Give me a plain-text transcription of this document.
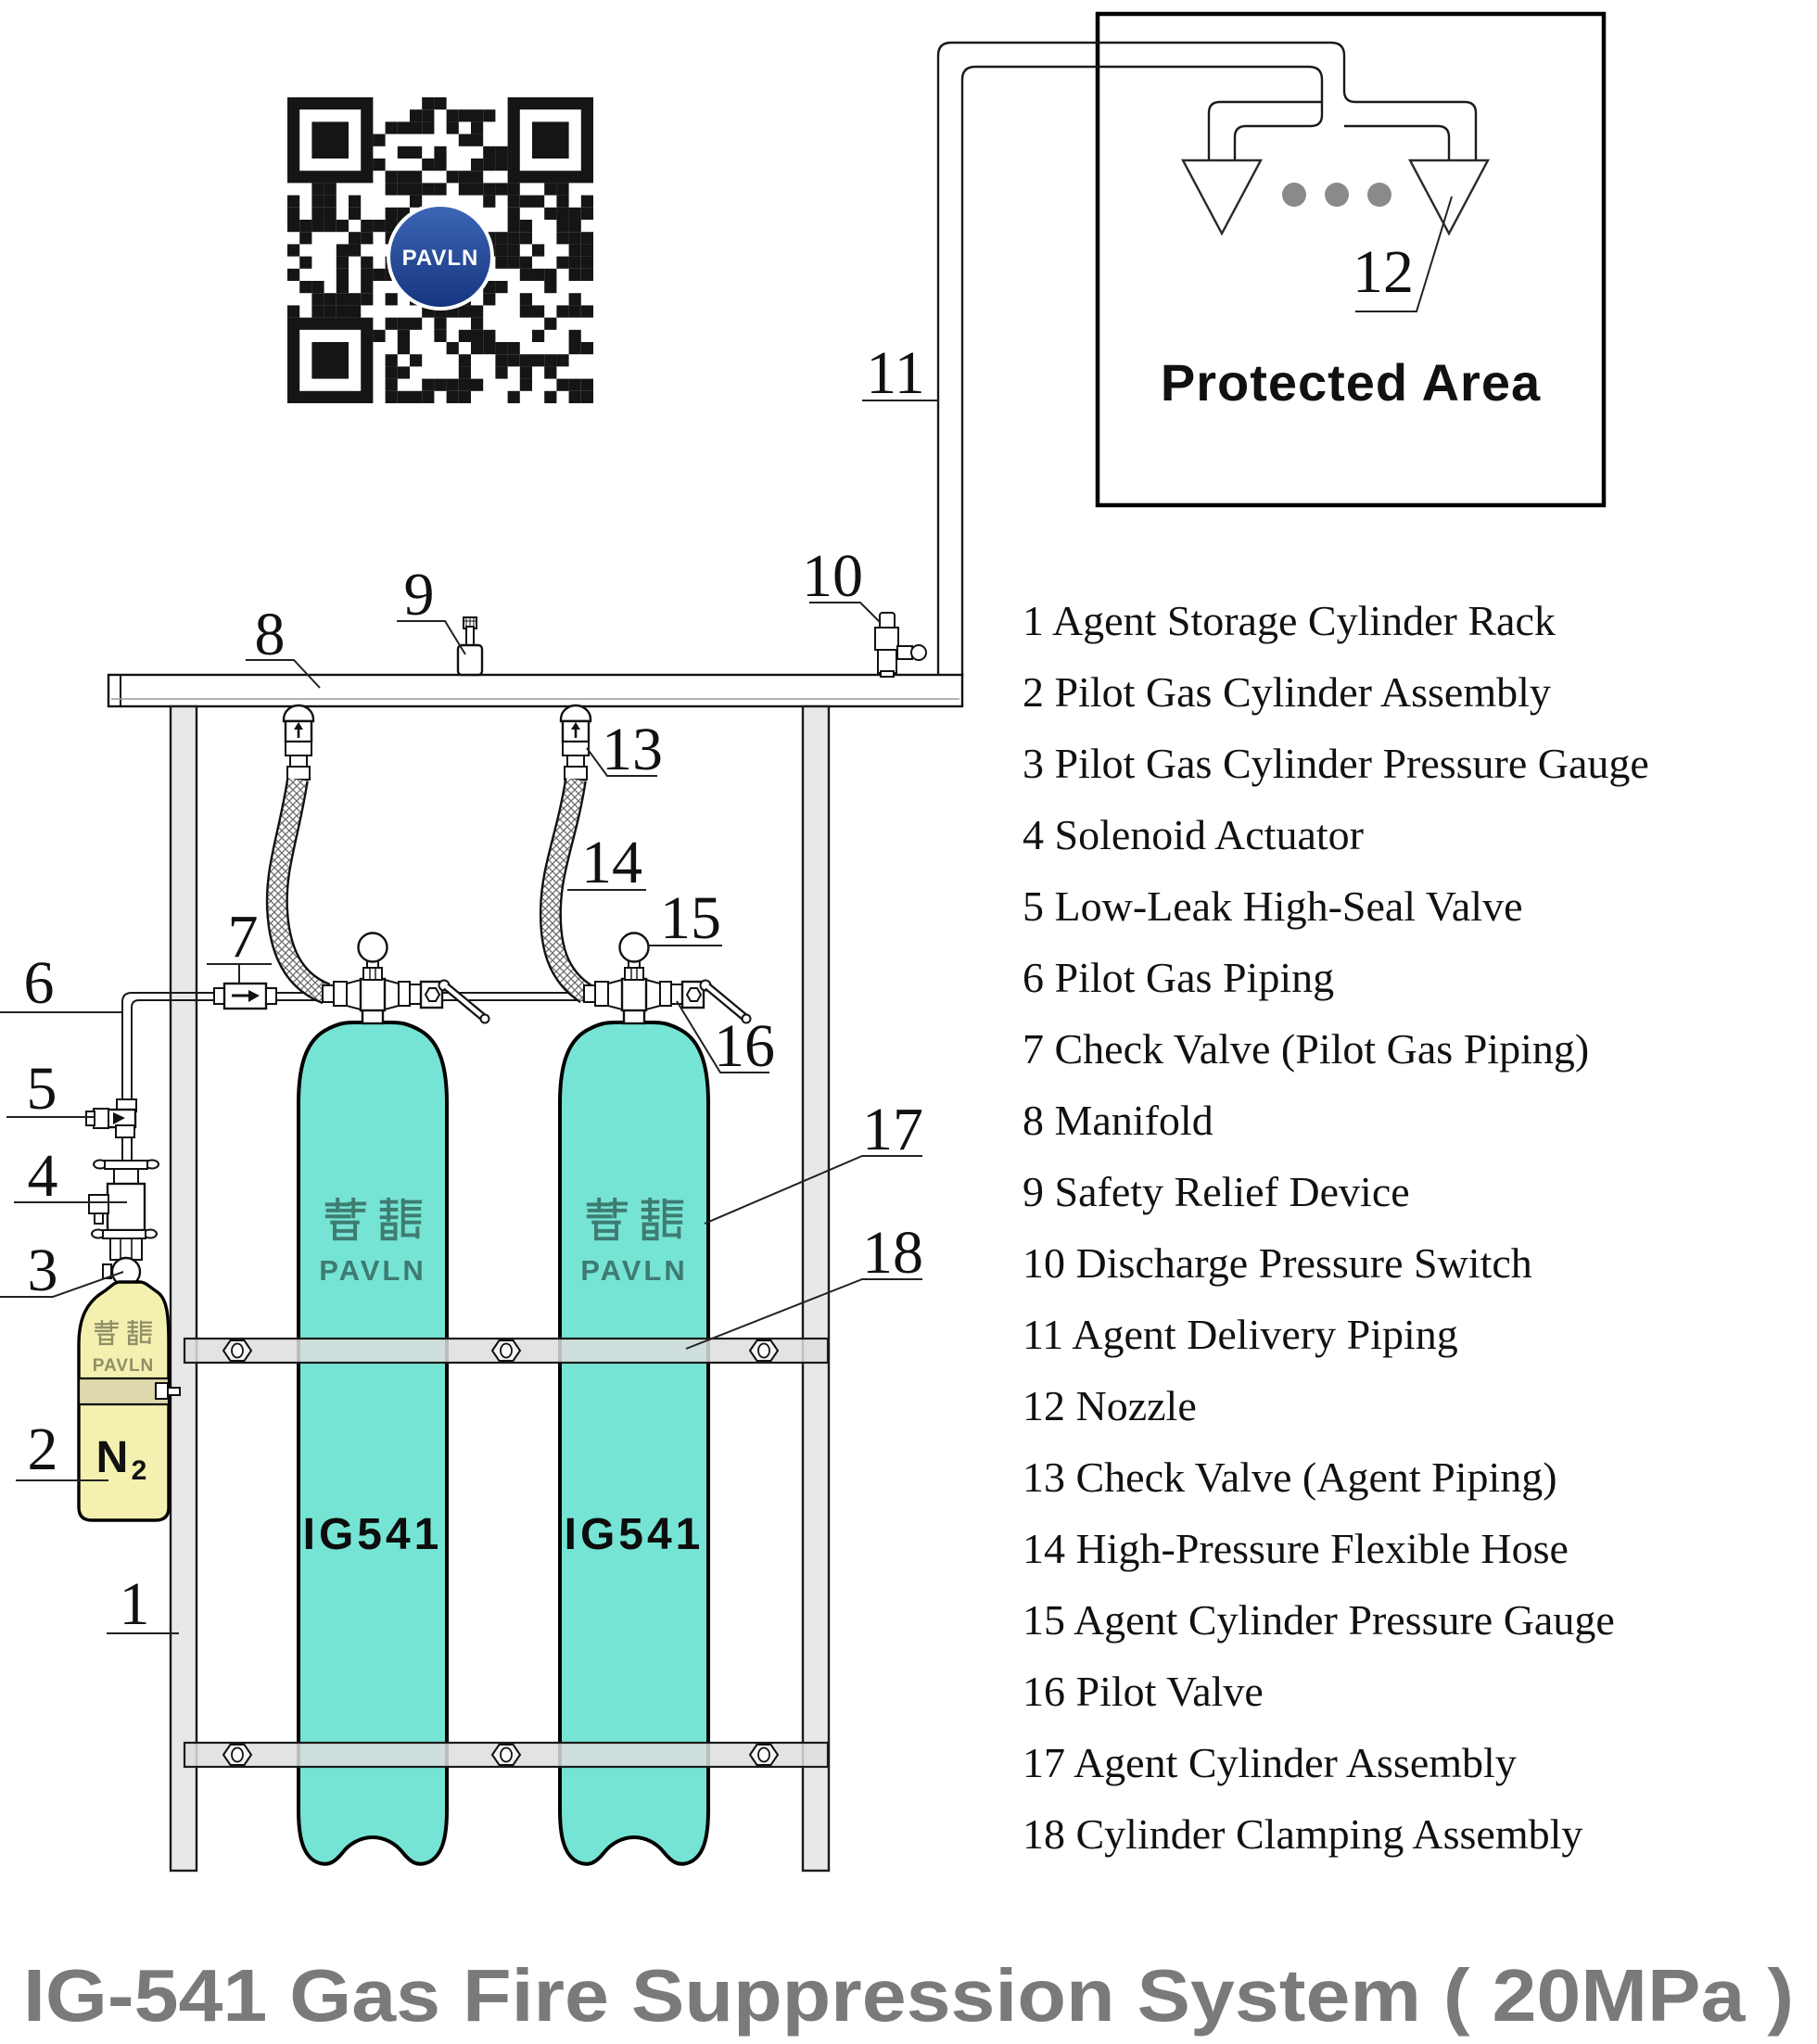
Protected Area
PAVLN
N 2
PAVLN
IG541
PAVLN
IG541
PAVLN
1
2
3
4
5
6
7
8
9	10
11
12
13
14
15
16
17
18
1 Agent Storage Cylinder Rack
2 Pilot Gas Cylinder Assembly
3 Pilot Gas Cylinder Pressure Gauge
4 Solenoid Actuator
5 Low-Leak High-Seal Valve
6 Pilot Gas Piping
7 Check Valve (Pilot Gas Piping)
8 Manifold
9 Safety Relief Device
10 Discharge Pressure Switch
11 Agent Delivery Piping
12 Nozzle
13 Check Valve (Agent Piping)
14 High-Pressure Flexible Hose
15 Agent Cylinder Pressure Gauge
16 Pilot Valve
17 Agent Cylinder Assembly
18 Cylinder Clamping Assembly
IG-541 Gas Fire Suppression System ( 20MPa )
